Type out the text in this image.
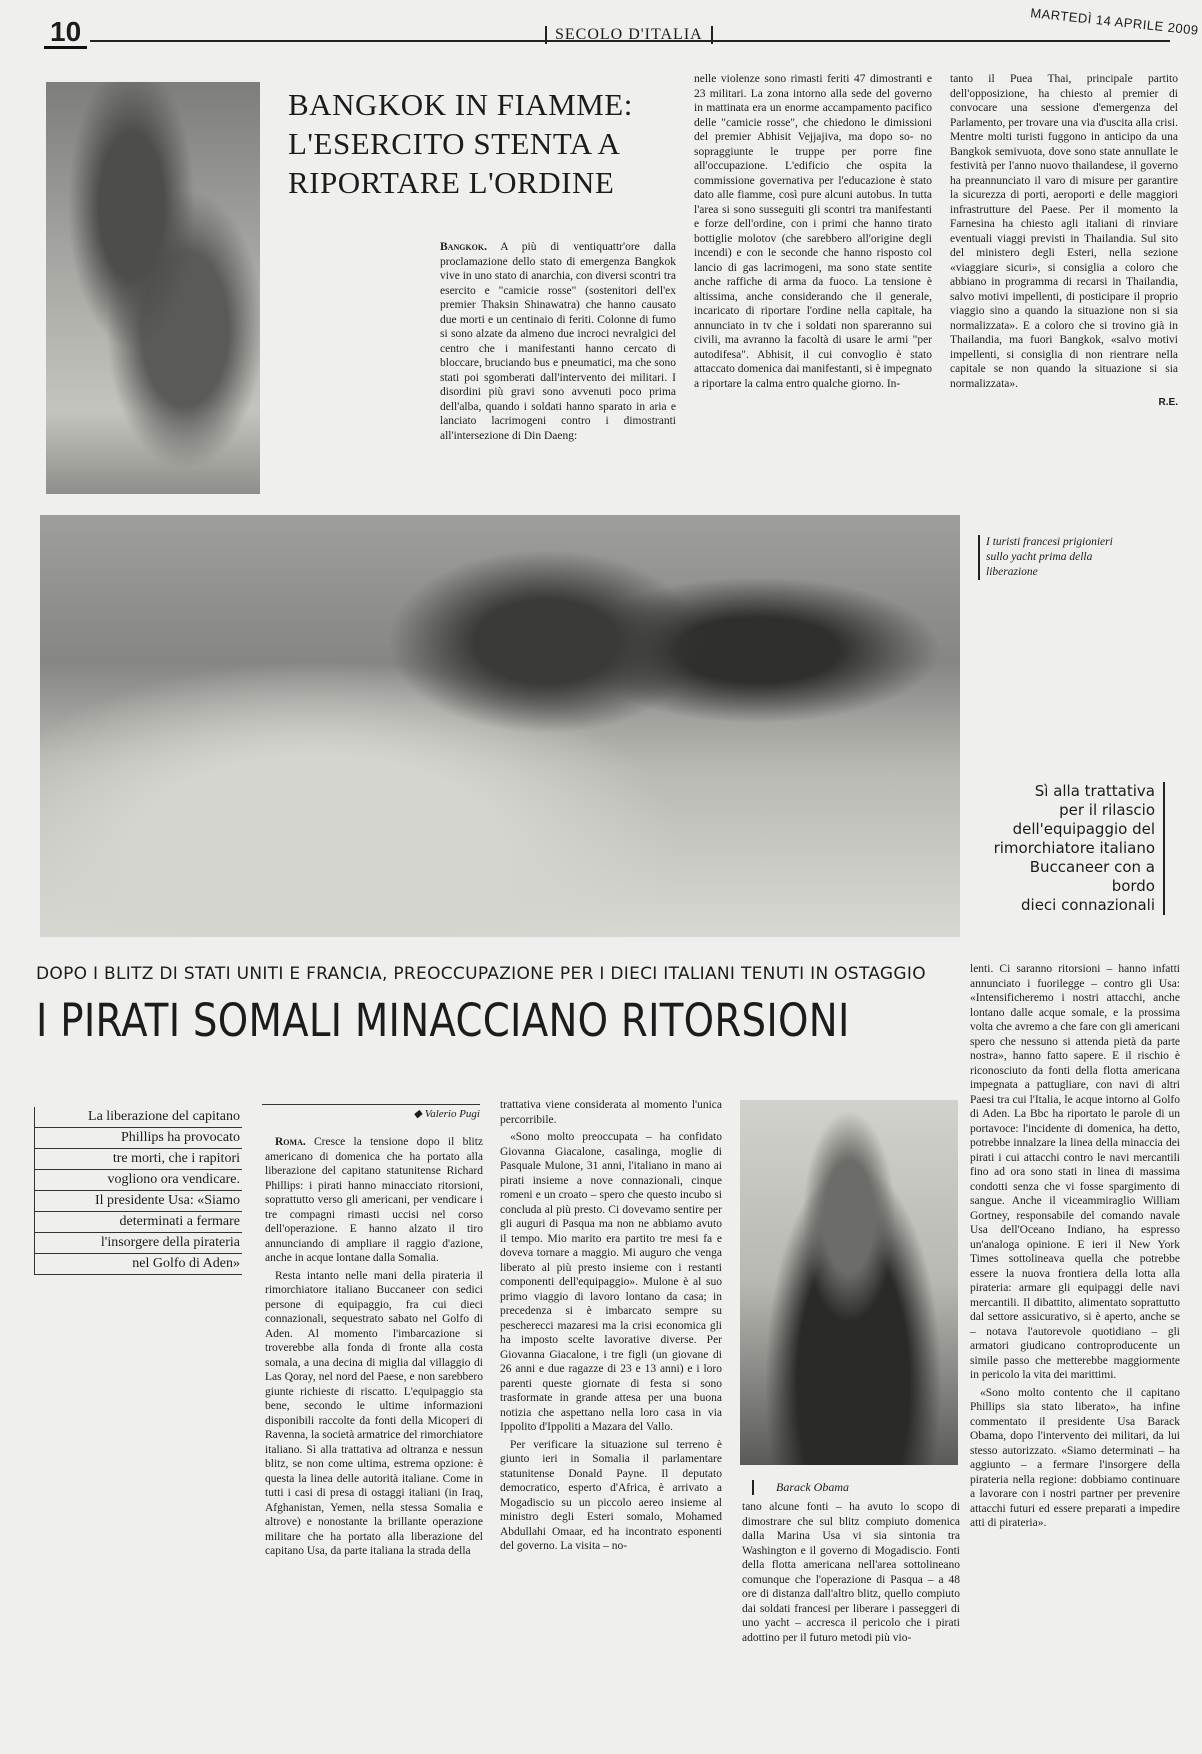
10	SECOLO D'ITALIA	MARTEDÌ 14 APRILE 2009
BANGKOK IN FIAMME: L'ESERCITO STENTA A RIPORTARE L'ORDINE
Bangkok. A più di ventiquattr'ore dalla proclamazione dello stato di emergenza Bangkok vive in uno stato di anarchia, con diversi scontri tra esercito e "camicie rosse" (sostenitori dell'ex premier Thaksin Shinawatra) che hanno causato due morti e un centinaio di feriti. Colonne di fumo si sono alzate da almeno due incroci nevralgici del centro che i manifestanti hanno cercato di bloccare, bruciando bus e pneumatici, ma che sono stati poi sgomberati dall'intervento dei militari. I disordini più gravi sono avvenuti poco prima dell'alba, quando i soldati hanno sparato in aria e lanciato lacrimogeni contro i dimostranti all'intersezione di Din Daeng:
nelle violenze sono rimasti feriti 47 dimostranti e 23 militari. La zona intorno alla sede del governo in mattinata era un enorme accampamento pacifico delle "camicie rosse", che chiedono le dimissioni del premier Abhisit Vejjajiva, ma dopo so- no sopraggiunte le truppe per porre fine all'occupazione. L'edificio che ospita la commissione governativa per l'educazione è stato dato alle fiamme, così pure alcuni autobus. In tutta l'area si sono susseguiti gli scontri tra manifestanti e forze dell'ordine, con i primi che hanno tirato bottiglie molotov (che sarebbero all'origine degli incendi) e con le seconde che hanno risposto col lancio di gas lacrimogeni, ma sono state sentite anche raffiche di arma da fuoco. La tensione è altissima, anche considerando che il generale, incaricato di riportare l'ordine nella capitale, ha annunciato in tv che i soldati non spareranno sui civili, ma avranno la facoltà di usare le armi "per autodifesa". Abhisit, il cui convoglio è stato attaccato domenica dai manifestanti, si è impegnato a riportare la calma entro qualche giorno. In-
tanto il Puea Thai, principale partito dell'opposizione, ha chiesto al premier di convocare una sessione d'emergenza del Parlamento, per trovare una via d'uscita alla crisi. Mentre molti turisti fuggono in anticipo da una Bangkok semivuota, dove sono state annullate le festività per l'anno nuovo thailandese, il governo ha preannunciato il varo di misure per garantire la sicurezza di porti, aeroporti e delle maggiori infrastrutture del Paese. Per il momento la Farnesina ha chiesto agli italiani di rinviare eventuali viaggi previsti in Thailandia. Sul sito del ministero degli Esteri, nella sezione «viaggiare sicuri», si consiglia a coloro che abbiano in programma di recarsi in Thailandia, salvo motivi impellenti, di posticipare il proprio viaggio sino a quando la situazione non si sia normalizzata». E a coloro che si trovino già in Thailandia, ma fuori Bangkok, «salvo motivi impellenti, si consiglia di non rientrare nella capitale se non quando la situazione si sia normalizzata».
R.E.
I turisti francesi prigionieri sullo yacht prima della liberazione
Sì alla trattativa
per il rilascio
dell'equipaggio del
rimorchiatore italiano
Buccaneer con a bordo
dieci connazionali
DOPO I BLITZ DI STATI UNITI E FRANCIA, PREOCCUPAZIONE PER I DIECI ITALIANI TENUTI IN OSTAGGIO
I PIRATI SOMALI MINACCIANO RITORSIONI
La liberazione del capitano
Phillips ha provocato
tre morti, che i rapitori
vogliono ora vendicare.
Il presidente Usa: «Siamo
determinati a fermare
l'insorgere della pirateria
nel Golfo di Aden»
◆ Valerio Pugi

Roma. Cresce la tensione dopo il blitz americano di domenica che ha portato alla liberazione del capitano statunitense Richard Phillips: i pirati hanno minacciato ritorsioni, soprattutto verso gli americani, per vendicare i tre compagni rimasti uccisi nel corso dell'operazione. E hanno alzato il tiro annunciando di ampliare il raggio d'azione, anche in acque lontane dalla Somalia.

Resta intanto nelle mani della pirateria il rimorchiatore italiano Buccaneer con sedici persone di equipaggio, fra cui dieci connazionali, sequestrato sabato nel Golfo di Aden. Al momento l'imbarcazione si troverebbe alla fonda di fronte alla costa somala, a una decina di miglia dal villaggio di Las Qoray, nel nord del Paese, e non sarebbero giunte richieste di riscatto. L'equipaggio sta bene, secondo le ultime informazioni disponibili raccolte da fonti della Micoperi di Ravenna, la società armatrice del rimorchiatore italiano. Sì alla trattativa ad oltranza e nessun blitz, se non come ultima, estrema opzione: è questa la linea delle autorità italiane. Come in tutti i casi di presa di ostaggi italiani (in Iraq, Afghanistan, Yemen, nella stessa Somalia e altrove) e nonostante la brillante operazione militare che ha portato alla liberazione del capitano Usa, da parte italiana la strada della

trattativa viene considerata al momento l'unica percorribile.

«Sono molto preoccupata – ha confidato Giovanna Giacalone, casalinga, moglie di Pasquale Mulone, 31 anni, l'italiano in mano ai pirati insieme a nove connazionali, cinque romeni e un croato – spero che questo incubo si concluda al più presto. Ci dovevamo sentire per gli auguri di Pasqua ma non ne abbiamo avuto il tempo. Mio marito era partito tre mesi fa e doveva tornare a maggio. Mi auguro che venga liberato al più presto insieme con i restanti componenti dell'equipaggio». Mulone è al suo primo viaggio di lavoro lontano da casa; in precedenza si è imbarcato sempre su pescherecci mazaresi ma la crisi economica gli ha imposto scelte lavorative diverse. Per Giovanna Giacalone, i tre figli (un giovane di 26 anni e due ragazze di 23 e 13 anni) e i loro parenti queste giornate di festa si sono trasformate in grande attesa per una buona notizia che aspettano nella loro casa in via Ippolito d'Ippoliti a Mazara del Vallo.

Per verificare la situazione sul terreno è giunto ieri in Somalia il parlamentare statunitense Donald Payne. Il deputato democratico, esperto d'Africa, è arrivato a Mogadiscio su un piccolo aereo insieme al ministro degli Esteri somalo, Mohamed Abdullahi Omaar, ed ha incontrato esponenti del governo. La visita – no-

Barack Obama
tano alcune fonti – ha avuto lo scopo di dimostrare che sul blitz compiuto domenica dalla Marina Usa vi sia sintonia tra Washington e il governo di Mogadiscio. Fonti della flotta americana nell'area sottolineano comunque che l'operazione di Pasqua – a 48 ore di distanza dall'altro blitz, quello compiuto dai soldati francesi per liberare i passeggeri di uno yacht – accresca il pericolo che i pirati adottino per il futuro metodi più vio-

lenti. Ci saranno ritorsioni – hanno infatti annunciato i fuorilegge – contro gli Usa: «Intensificheremo i nostri attacchi, anche lontano dalle acque somale, e la prossima volta che avremo a che fare con gli americani spero che nessuno si attenda pietà da parte nostra», hanno fatto sapere. E il rischio è riconosciuto da fonti della flotta americana impegnata a pattugliare, con navi di altri Paesi tra cui l'Italia, le acque intorno al Golfo di Aden. La Bbc ha riportato le parole di un portavoce: l'incidente di domenica, ha detto, potrebbe innalzare la linea della minaccia dei pirati i cui attacchi contro le navi mercantili fino ad ora sono stati in linea di massima condotti senza che vi fosse spargimento di sangue. Anche il viceammiraglio William Gortney, responsabile del comando navale Usa dell'Oceano Indiano, ha espresso un'analoga opinione. E ieri il New York Times sottolineava quella che potrebbe essere la nuova frontiera della lotta alla pirateria: armare gli equipaggi delle navi mercantili. Il dibattito, alimentato soprattutto dal settore assicurativo, si è aperto, anche se – notava l'autorevole quotidiano – gli armatori giudicano controproducente un simile passo che metterebbe maggiormente in pericolo la vita dei marittimi.

«Sono molto contento che il capitano Phillips sia stato liberato», ha infine commentato il presidente Usa Barack Obama, dopo l'intervento dei militari, da lui stesso autorizzato. «Siamo determinati – ha aggiunto – a fermare l'insorgere della pirateria nella regione: dobbiamo continuare a lavorare con i nostri partner per prevenire attacchi futuri ed essere preparati a impedire atti di pirateria».
